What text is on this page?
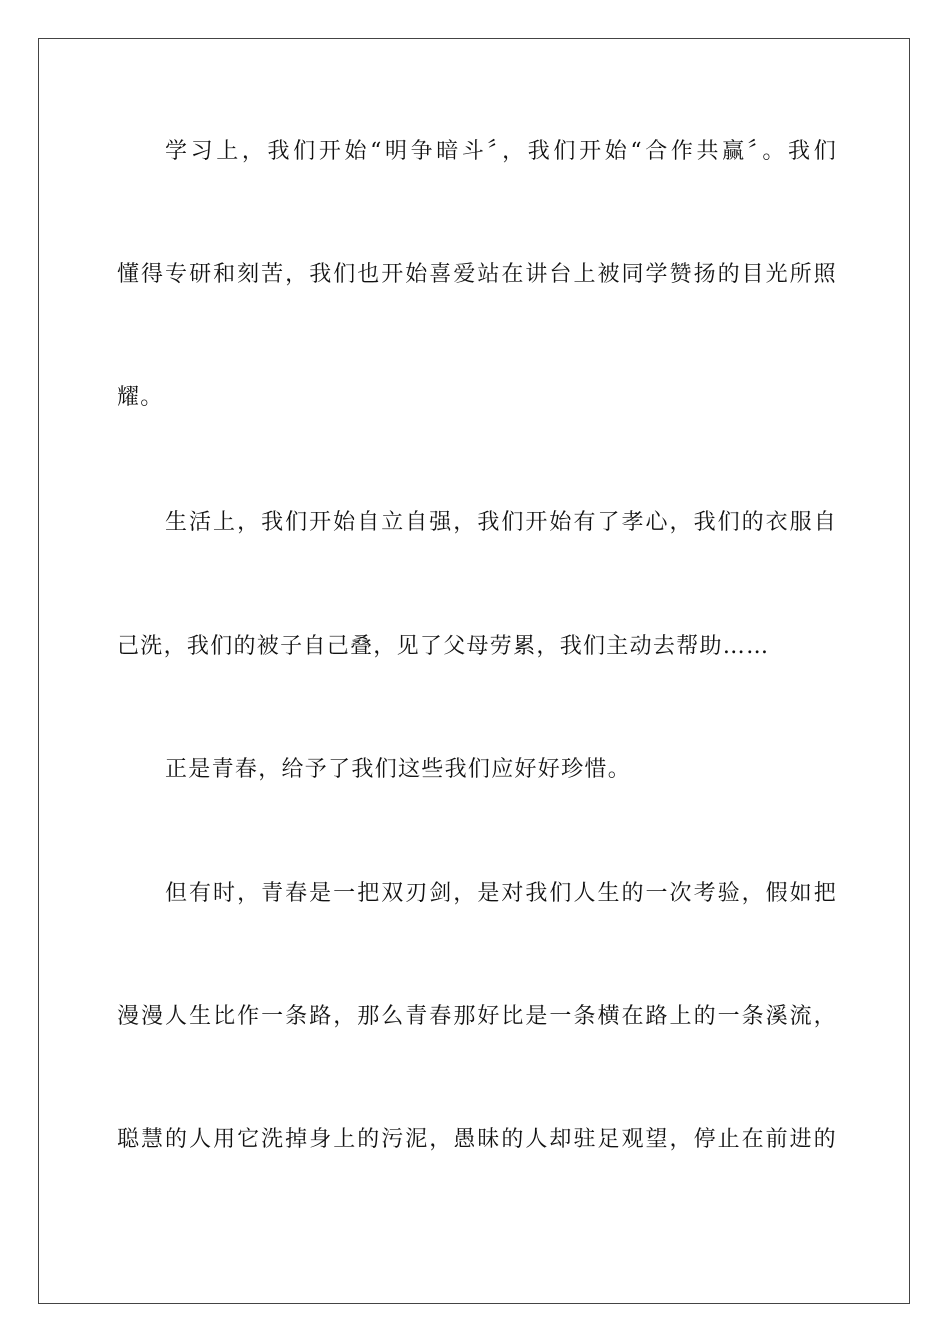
学习上，我们开始“明争暗斗〞，我们开始“合作共赢〞。我们
懂得专研和刻苦，我们也开始喜爱站在讲台上被同学赞扬的目光所照
耀。
生活上，我们开始自立自强，我们开始有了孝心，我们的衣服自
己洗，我们的被子自己叠，见了父母劳累，我们主动去帮助……
正是青春，给予了我们这些我们应好好珍惜。
但有时，青春是一把双刃剑，是对我们人生的一次考验，假如把
漫漫人生比作一条路，那么青春那好比是一条横在路上的一条溪流，
聪慧的人用它洗掉身上的污泥，愚昧的人却驻足观望，停止在前进的
